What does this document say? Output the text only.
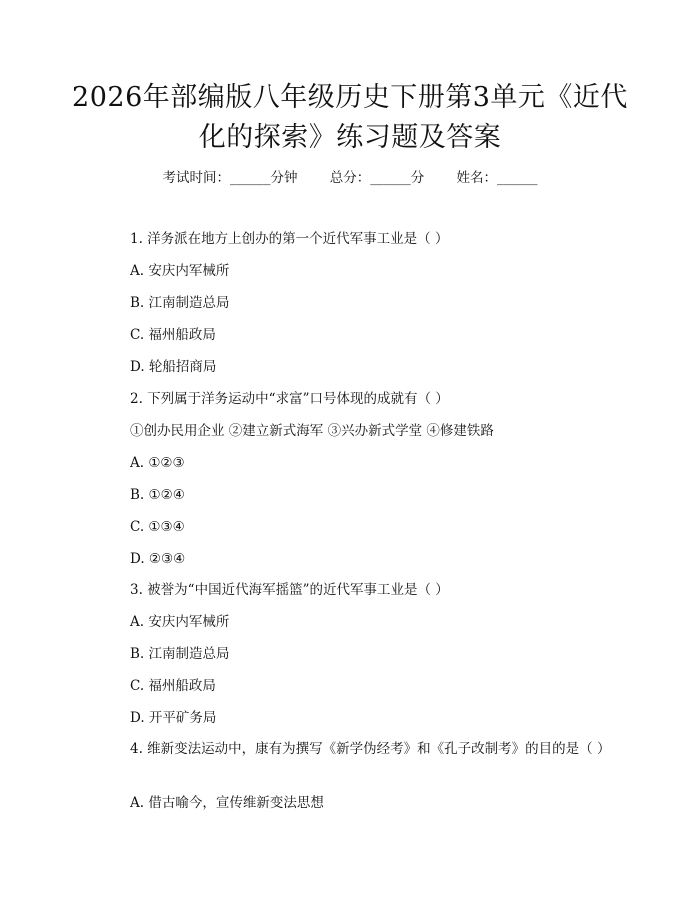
2026年部编版八年级历史下册第3单元《近代化的探索》练习题及答案
考试时间：______分钟 总分：______分 姓名：______
1. 洋务派在地方上创办的第一个近代军事工业是（ ）
A. 安庆内军械所
B. 江南制造总局
C. 福州船政局
D. 轮船招商局
2. 下列属于洋务运动中“求富”口号体现的成就有（ ）
①创办民用企业 ②建立新式海军 ③兴办新式学堂 ④修建铁路
A. ①②③
B. ①②④
C. ①③④
D. ②③④
3. 被誉为“中国近代海军摇篮”的近代军事工业是（ ）
A. 安庆内军械所
B. 江南制造总局
C. 福州船政局
D. 开平矿务局
4. 维新变法运动中，康有为撰写《新学伪经考》和《孔子改制考》的目的是（ ）
A. 借古喻今，宣传维新变法思想
